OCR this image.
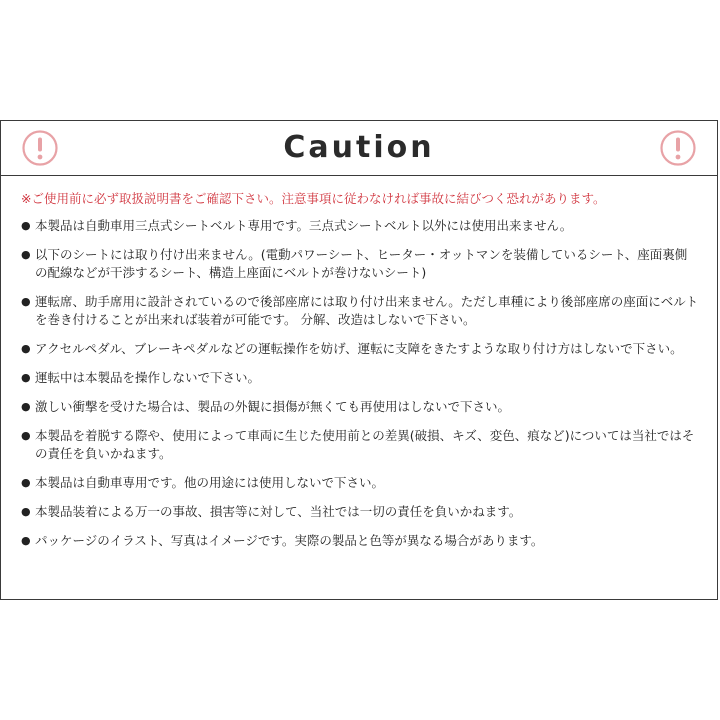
Caution
※ご使用前に必ず取扱説明書をご確認下さい。注意事項に従わなければ事故に結びつく恐れがあります。
● 本製品は自動車用三点式シートベルト専用です。三点式シートベルト以外には使用出来ません。
● 以下のシートには取り付け出来ません。(電動パワーシート、ヒーター・オットマンを装備しているシート、座面裏側の配線などが干渉するシート、構造上座面にベルトが巻けないシート)
● 運転席、助手席用に設計されているので後部座席には取り付け出来ません。ただし車種により後部座席の座面にベルトを巻き付けることが出来れば装着が可能です。 分解、改造はしないで下さい。
● アクセルペダル、ブレーキペダルなどの運転操作を妨げ、運転に支障をきたすような取り付け方はしないで下さい。
● 運転中は本製品を操作しないで下さい。
● 激しい衝撃を受けた場合は、製品の外観に損傷が無くても再使用はしないで下さい。
● 本製品を着脱する際や、使用によって車両に生じた使用前との差異(破損、キズ、変色、痕など)については当社ではその責任を負いかねます。
● 本製品は自動車専用です。他の用途には使用しないで下さい。
● 本製品装着による万一の事故、損害等に対して、当社では一切の責任を負いかねます。
● パッケージのイラスト、写真はイメージです。実際の製品と色等が異なる場合があります。
